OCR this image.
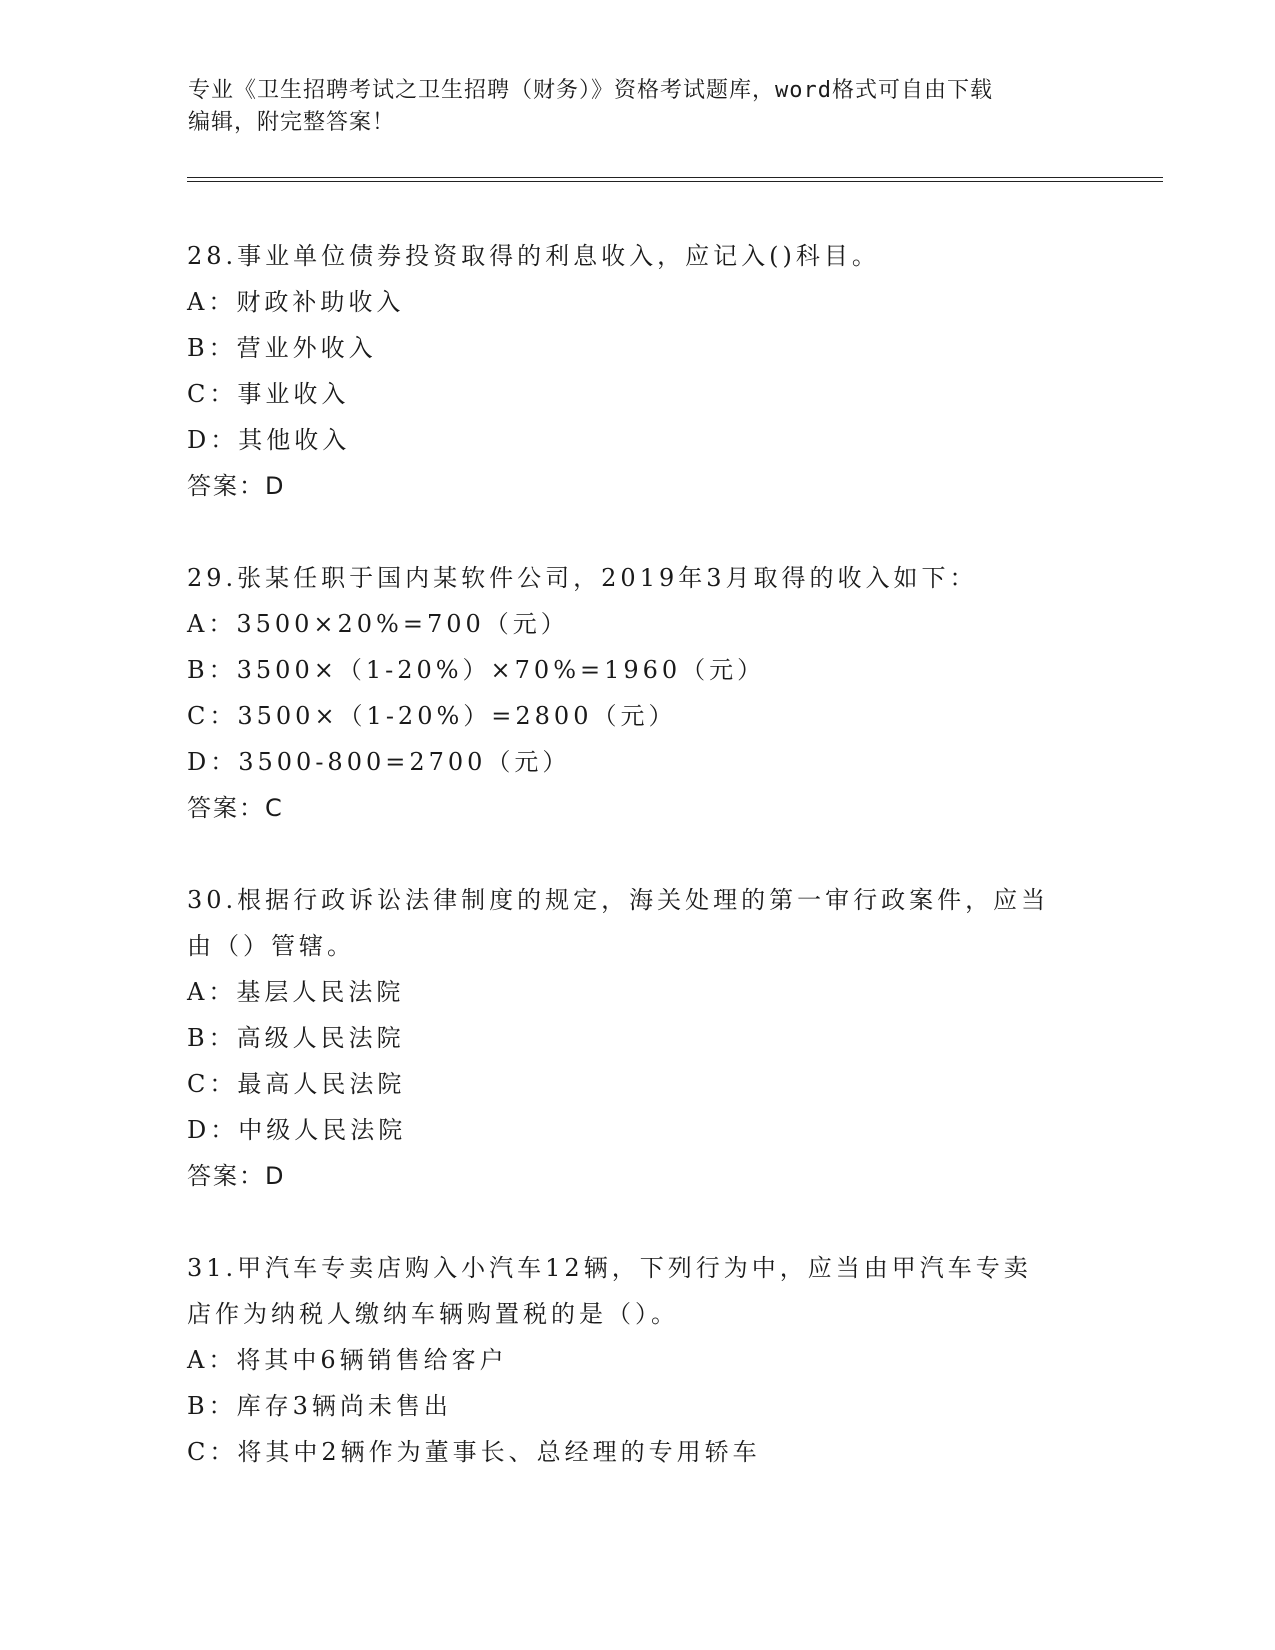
专业《卫生招聘考试之卫生招聘（财务）》资格考试题库，word格式可自由下载
编辑，附完整答案！
28.事业单位债券投资取得的利息收入，应记入()科目。
A：财政补助收入
B：营业外收入
C：事业收入
D：其他收入
答案：D
29.张某任职于国内某软件公司，2019年3月取得的收入如下：
A：3500×20%=700（元）
B：3500×（1-20%）×70%=1960（元）
C：3500×（1-20%）=2800（元）
D：3500-800=2700（元）
答案：C
30.根据行政诉讼法律制度的规定，海关处理的第一审行政案件，应当
由（）管辖。
A：基层人民法院
B：高级人民法院
C：最高人民法院
D：中级人民法院
答案：D
31.甲汽车专卖店购入小汽车12辆，下列行为中，应当由甲汽车专卖
店作为纳税人缴纳车辆购置税的是（）。
A：将其中6辆销售给客户
B：库存3辆尚未售出
C：将其中2辆作为董事长、总经理的专用轿车
